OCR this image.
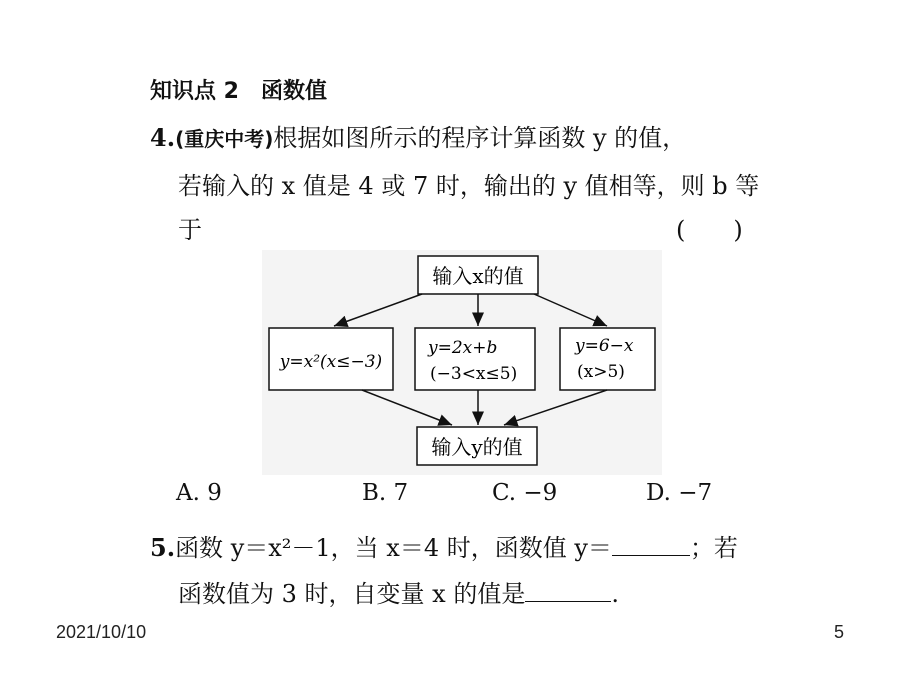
知识点 2　函数值
4.(重庆中考)根据如图所示的程序计算函数 y 的值，
若输入的 x 值是 4 或 7 时，输出的 y 值相等，则 b 等
于	(　　)
输入x的值
y=x²(x≤−3)
y=2x+b
(−3<x≤5)
y=6−x
(x>5)
输入y的值
A. 9	B. 7	C. −9	D. −7
5.函数 y＝x²－1，当 x＝4 时，函数值 y＝	；若
函数值为 3 时，自变量 x 的值是	.
2021/10/10	5
